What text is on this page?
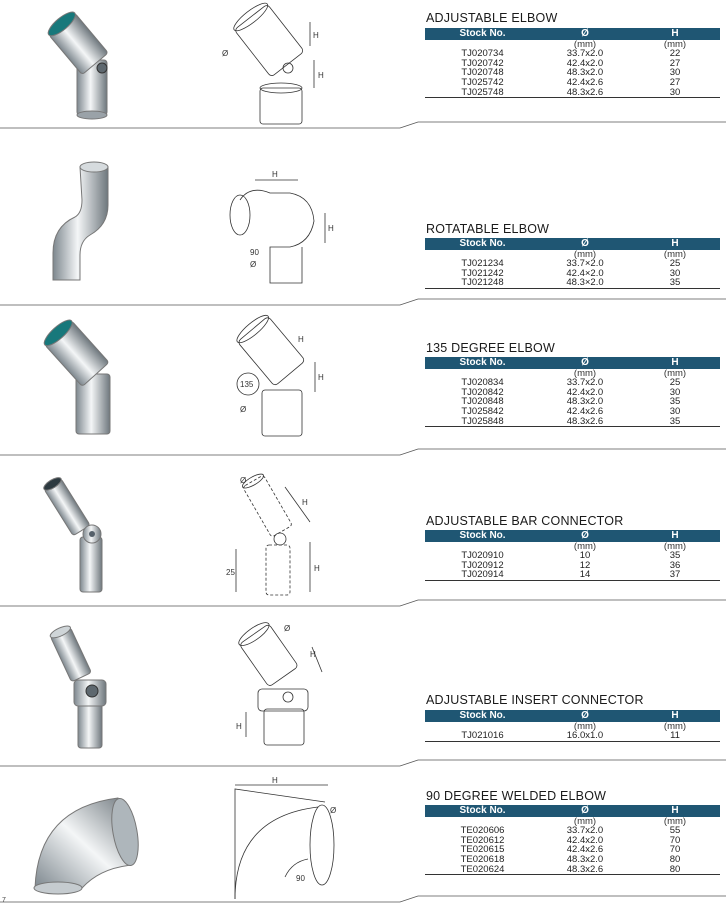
Ø
H
H
ADJUSTABLE ELBOW
Stock No.	Ø	H
	(mm)	(mm)
TJ020734	33.7x2.0	22
TJ020742	42.4x2.0	27
TJ020748	48.3x2.0	30
TJ025742	42.4x2.6	27
TJ025748	48.3x2.6	30
H
H
90
Ø
ROTATABLE ELBOW
Stock No.	Ø	H
	(mm)	(mm)
TJ021234	33.7×2.0	25
TJ021242	42.4×2.0	30
TJ021248	48.3×2.0	35
H
135
H
Ø
135 DEGREE ELBOW
Stock No.	Ø	H
	(mm)	(mm)
TJ020834	33.7x2.0	25
TJ020842	42.4x2.0	30
TJ020848	48.3x2.0	35
TJ025842	42.4x2.6	30
TJ025848	48.3x2.6	35
Ø
H
25	H
ADJUSTABLE BAR CONNECTOR
Stock No.	Ø	H
	(mm)	(mm)
TJ020910	10	35
TJ020912	12	36
TJ020914	14	37
Ø
H
H
ADJUSTABLE INSERT CONNECTOR
Stock No.	Ø	H
	(mm)	(mm)
TJ021016	16.0x1.0	11
H
Ø
90
90 DEGREE WELDED ELBOW
Stock No.	Ø	H
	(mm)	(mm)
TE020606	33.7x2.0	55
TE020612	42.4x2.0	70
TE020615	42.4x2.6	70
TE020618	48.3x2.0	80
TE020624	48.3x2.6	80
7
